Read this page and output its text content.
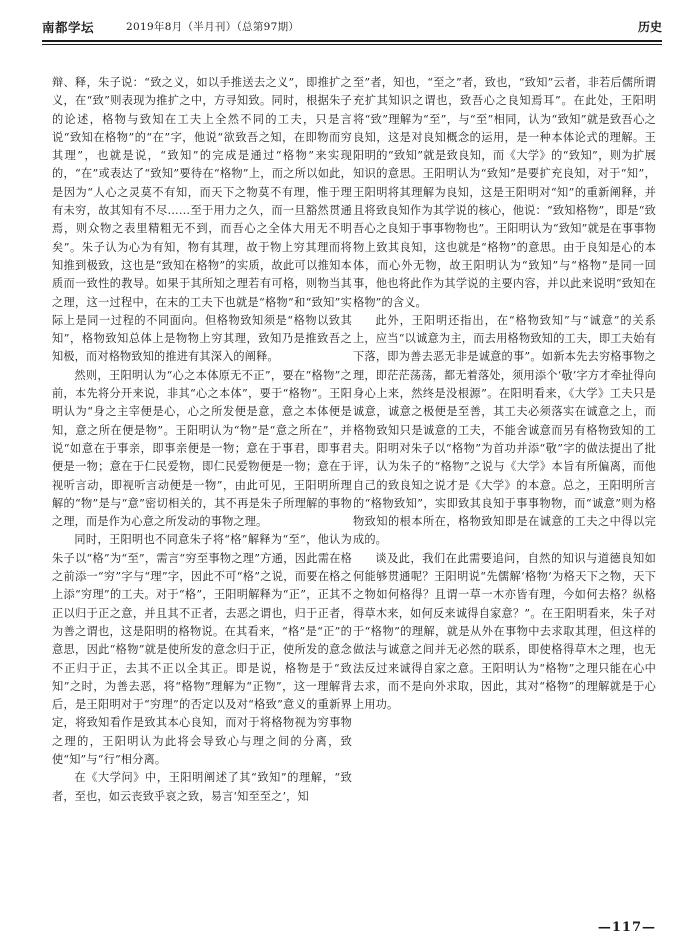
南都学坛	2019年8月（半月刊）（总第97期）	历史

辩、释，朱子说：“致之义，如以手推送去之义”，即推扩之义，在“致”则表现为推扩之中，方寻知致。同时，根据朱子的论述，格物与致知在工夫上全然不同的工夫，只是言说“致知在格物”的“在”字，他说“欲致吾之知，在即物而穷其理”，也就是说，“致知”的完成是通过“格物”来实现的，“在”或表达了“致知”要待在“格物”上，而之所以如此，是因为“人心之灵莫不有知，而天下之物莫不有理，惟于理有未穷，故其知有不尽……至于用力之久，而一旦豁然贯通焉，则众物之表里精粗无不到，而吾心之全体大用无不明矣”。朱子认为心为有知，物有其理，故于物上穷其理而将知推到极致，这也是“致知在格物”的实质，故此可以推知本质而一致性的教导。如果于其所知之理若有可格，则物当其之理，这一过程中，在末的工夫下也就是“格物”和“致知”实际上是同一过程的不同面向。但格物致知须是“格物以致其知”，格物致知总体上是物物上穷其理，致知乃是推致吾之知极，而对格物致知的推进有其深入的阐释。

然则，王阳明认为“心之本体原无不正”，要在“格物”之前，本先将分开来说，非其“心之本体”，要于“格物”。王阳明认为“身之主宰便是心，心之所发便是意，意之本体便是知，意之所在便是物”。王阳明认为“物”是“意之所在”，并说“如意在于事亲，即事亲便是一物；意在于事君，即事君便是一物；意在于仁民爱物，即仁民爱物便是一物；意在于视听言动，即视听言动便是一物”，由此可见，王阳明所理解的“物”是与“意”密切相关的，其不再是朱子所理解的事物之理，而是作为心意之所发动的事物之理。

同时，王阳明也不同意朱子将“格”解释为“至”，他认为朱子以“格”为“至”，需言“穷至事物之理”方通，因此需在格之前添一“穷”字与“理”字，因此不可“格”之说，而要在格之上添“穷理”的工夫。对于“格”，王阳明解释为“正”，正其不正以归于正之意，并且其不正者，去恶之谓也，归于正者，为善之谓也，这是阳明的格物说。在其看来，“格”是“正”的意思，因此“格物”就是使所发的意念归于正，使所发的意念不正归于正，去其不正以全其正。即是说，格物是于“致知”之时，为善去恶，将“格物”理解为“正物”，这一理解背后，是王阳明对于“穷理”的否定以及对“格致”意义的重新界定，将致知看作是致其本心良知，而对于将格物视为穷事物之理的，王阳明认为此将会导致心与理之间的分离，致使“知”与“行”相分离。

在《大学问》中，王阳明阐述了其“致知”的理解，“致者，至也，如云丧致乎哀之致，易言‘知至至之’，知

至”者，知也，“至之”者，致也，“致知”云者，非若后儒所谓充扩其知识之谓也，致吾心之良知焉耳”。在此处，王阳明将“致”理解为“至”，与“至”相同，认为“致知”就是致吾心之良知，这是对良知概念的运用，是一种本体论式的理解。王阳明的“致知”就是致良知，而《大学》的“致知”，则为扩展知识的意思。王阳明认为“致知”是要扩充良知，对于“知”，王阳明将其理解为良知，这是王阳明对“知”的重新阐释，并且将致良知作为其学说的核心，他说：“致知格物”，即是“致吾心之良知于事事物物也”。王阳明认为“致知”就是在事事物物上致其良知，这也就是“格物”的意思。由于良知是心的本体，而心外无物，故王阳明认为“致知”与“格物”是同一回事，他也将此作为其学说的主要内容，并以此来说明“致知在格物”的含义。

此外，王阳明还指出，在“格物致知”与“诚意”的关系上，应当“以诚意为主，而去用格物致知的工夫，即工夫始有下落，即为善去恶无非是诚意的事”。如新本先去穷格事物之理，即茫茫荡荡，都无着落处，须用添个‘敬’字方才牵扯得向身心上来，然终是没根源”。在阳明看来，《大学》工夫只是诚意，诚意之极便是至善，其工夫必须落实在诚意之上，而格物致知只是诚意的工夫，不能舍诚意而另有格物致知的工夫。阳明对朱子以“格物”为首功并添“敬”字的做法提出了批评，认为朱子的“格物”之说与《大学》本旨有所偏离，而他自己的致良知之说才是《大学》的本意。总之，王阳明所言的“格物致知”，实即致其良知于事事物物，而“诚意”则为格物致知的根本所在，格物致知即是在诚意的工夫之中得以完成的。

谈及此，我们在此需要追问，自然的知识与道德良知如何能够贯通呢？王阳明说“先儒解‘格物’为格天下之物，天下之物如何格得？且谓一草一木亦皆有理，今如何去格？纵格得草木来，如何反来诚得自家意？”。在王阳明看来，朱子对于“格物”的理解，就是从外在事物中去求取其理，但这样的做法与诚意之间并无必然的联系，即使格得草木之理，也无法反过来诚得自家之意。王阳明认为“格物”之理只能在心中去求，而不是向外求取，因此，其对“格物”的理解就是于心上用功。

—117—
